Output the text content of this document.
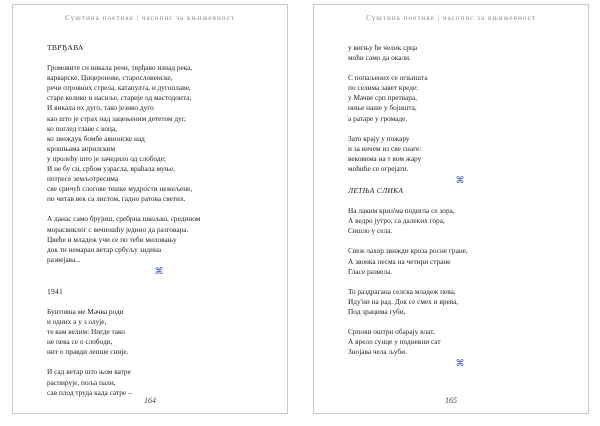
Суштина поетике | часопис за књижевност
ТВРЂАВА
Громовите си викала речи, тврђаво изнад река,
варварске, Цицеронове, старословенске,
речи отровних стрела, катапулта, и дугоплаве,
старе колико и насиље, старије од мастодонта;
И викала их дуго, тако језиво дуго
као што је страх над зацењеним дететом дуг,
ко поглед главе с коца,
ко звиждук бомбе авионске над
крошњама априлским
у пролећу што је зачедило од слободе;
И не бу си, србом узрасла, враћала муње,
потресе земљотресима
све сричућ слогове тешке мудрости нежељене,
по читав век са листом, гадно ратова светих.
А данас само брујиш, сребрна шкољко, средином
морасвиклог с вечношћу једино да разговара.
Цвеће и младеж учи се по теби миловању
док ти немаран ветар србуљу зидина
развејава...
⌘
1941
Бунтовна ме Мачва роди
и одних а у з олује,
те вам велим: Нигде тако
не пева се о слободи,
нит о правди лепше сније.
И сад ветар што њом ватре
распирује, поља пали,
сав плод труда када сатре –
164
Суштина поетике | часопис за књижевност
у вигњу ће челик срца
моћи само да окали.
С попаљених се огњишта
по селима завет креде:
у Мачве срп претвара,
ниње наше у бојишта,
а ратаре у громаде.
Зато крају у пожару
и за вичем из све снаге:
вековима на т вом жару
моћиће се огрејати.
⌘
ЛЕТЊА СЛИКА
На лаким крил'ма подигла се зора,
А ведро јутро, са далеких гора,
Сишло у села.
Свеж лахор звижди кроза росне гране,
А звонка песма на четири стране
Гласе развела.
То раздрагана селска младеж пева,
Иду'ни на рад. Док се смех и врева,
Под зрацима губи,
Српови оштри обарају влат,
А врело сунце у подневни сат
Знојава чела љуби.
⌘
165
